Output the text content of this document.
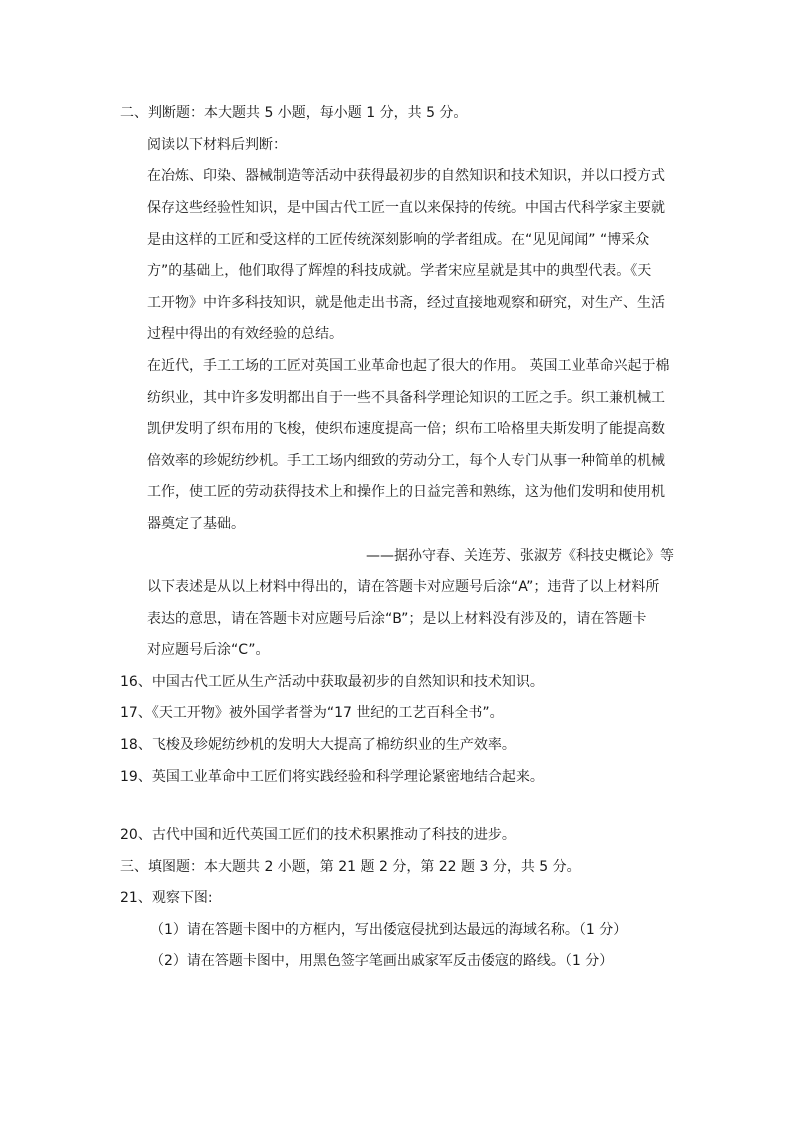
二、判断题：本大题共 5 小题，每小题 1 分，共 5 分。
阅读以下材料后判断：
在冶炼、印染、器械制造等活动中获得最初步的自然知识和技术知识，并以口授方式
保存这些经验性知识，是中国古代工匠一直以来保持的传统。中国古代科学家主要就
是由这样的工匠和受这样的工匠传统深刻影响的学者组成。在“见见闻闻” “博采众
方”的基础上，他们取得了辉煌的科技成就。学者宋应星就是其中的典型代表。《天
工开物》中许多科技知识，就是他走出书斋，经过直接地观察和研究，对生产、生活
过程中得出的有效经验的总结。
在近代，手工工场的工匠对英国工业革命也起了很大的作用。 英国工业革命兴起于棉
纺织业，其中许多发明都出自于一些不具备科学理论知识的工匠之手。织工兼机械工
凯伊发明了织布用的飞梭，使织布速度提高一倍；织布工哈格里夫斯发明了能提高数
倍效率的珍妮纺纱机。手工工场内细致的劳动分工，每个人专门从事一种简单的机械
工作，使工匠的劳动获得技术上和操作上的日益完善和熟练，这为他们发明和使用机
器奠定了基础。
——据孙守春、关连芳、张淑芳《科技史概论》等
以下表述是从以上材料中得出的，请在答题卡对应题号后涂“A”；违背了以上材料所
表达的意思，请在答题卡对应题号后涂“B”；是以上材料没有涉及的，请在答题卡
对应题号后涂“C”。
16、中国古代工匠从生产活动中获取最初步的自然知识和技术知识。
17、《天工开物》被外国学者誉为“17 世纪的工艺百科全书”。
18、飞梭及珍妮纺纱机的发明大大提高了棉纺织业的生产效率。
19、英国工业革命中工匠们将实践经验和科学理论紧密地结合起来。
20、古代中国和近代英国工匠们的技术积累推动了科技的进步。
三、填图题：本大题共 2 小题，第 21 题 2 分，第 22 题 3 分，共 5 分。
21、观察下图:
（1）请在答题卡图中的方框内，写出倭寇侵扰到达最远的海域名称。（1 分）
（2）请在答题卡图中，用黑色签字笔画出戚家军反击倭寇的路线。（1 分）
